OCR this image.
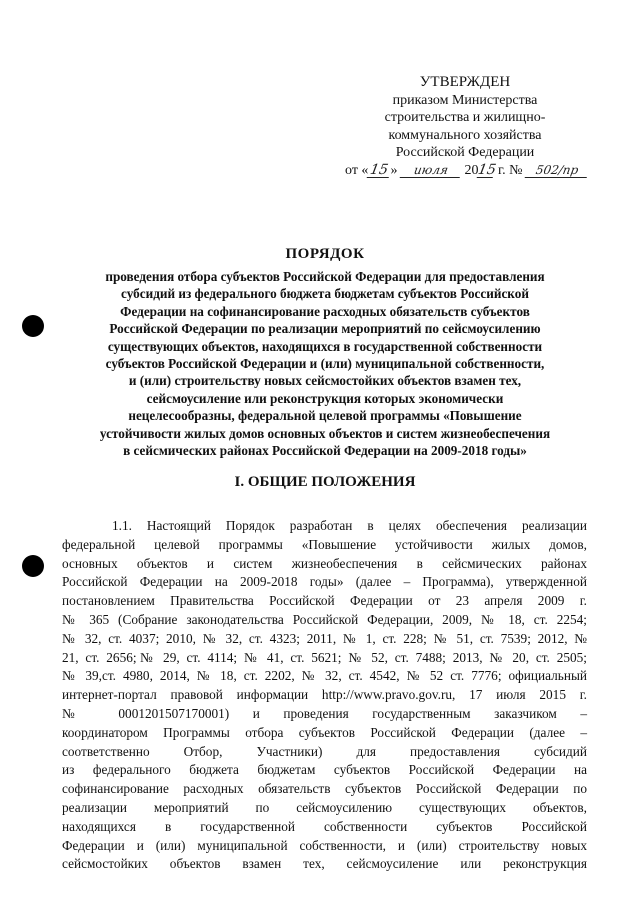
УТВЕРЖДЕН
приказом Министерства
строительства и жилищно-
коммунального хозяйства
Российской Федерации
от «15» июля 2015 г. № 502/пр
ПОРЯДОК
проведения отбора субъектов Российской Федерации для предоставления
субсидий из федерального бюджета бюджетам субъектов Российской
Федерации на софинансирование расходных обязательств субъектов
Российской Федерации по реализации мероприятий по сейсмоусилению
существующих объектов, находящихся в государственной собственности
субъектов Российской Федерации и (или) муниципальной собственности,
и (или) строительству новых сейсмостойких объектов взамен тех,
сейсмоусиление или реконструкция которых экономически
нецелесообразны, федеральной целевой программы «Повышение
устойчивости жилых домов основных объектов и систем жизнеобеспечения
в сейсмических районах Российской Федерации на 2009-2018 годы»
I. ОБЩИЕ ПОЛОЖЕНИЯ
1.1. Настоящий Порядок разработан в целях обеспечения реализации
федеральной целевой программы «Повышение устойчивости жилых домов,
основных объектов и систем жизнеобеспечения в сейсмических районах
Российской Федерации на 2009-2018 годы» (далее – Программа), утвержденной
постановлением Правительства Российской Федерации от 23 апреля 2009 г.
№ 365 (Собрание законодательства Российской Федерации, 2009, № 18, ст. 2254;
№ 32, ст. 4037; 2010, № 32, ст. 4323; 2011, № 1, ст. 228; № 51, ст. 7539; 2012, №
21, ст. 2656;№ 29, ст. 4114; № 41, ст. 5621; № 52, ст. 7488; 2013, № 20, ст. 2505;
№ 39,ст. 4980, 2014, № 18, ст. 2202, № 32, ст. 4542, № 52 ст. 7776; официальный
интернет-портал правовой информации http://www.pravo.gov.ru, 17 июля 2015 г.
№ 0001201507170001) и проведения государственным заказчиком –
координатором Программы отбора субъектов Российской Федерации (далее –
соответственно Отбор, Участники) для предоставления субсидий
из федерального бюджета бюджетам субъектов Российской Федерации на
софинансирование расходных обязательств субъектов Российской Федерации по
реализации мероприятий по сейсмоусилению существующих объектов,
находящихся в государственной собственности субъектов Российской
Федерации и (или) муниципальной собственности, и (или) строительству новых
сейсмостойких объектов взамен тех, сейсмоусиление или реконструкция
